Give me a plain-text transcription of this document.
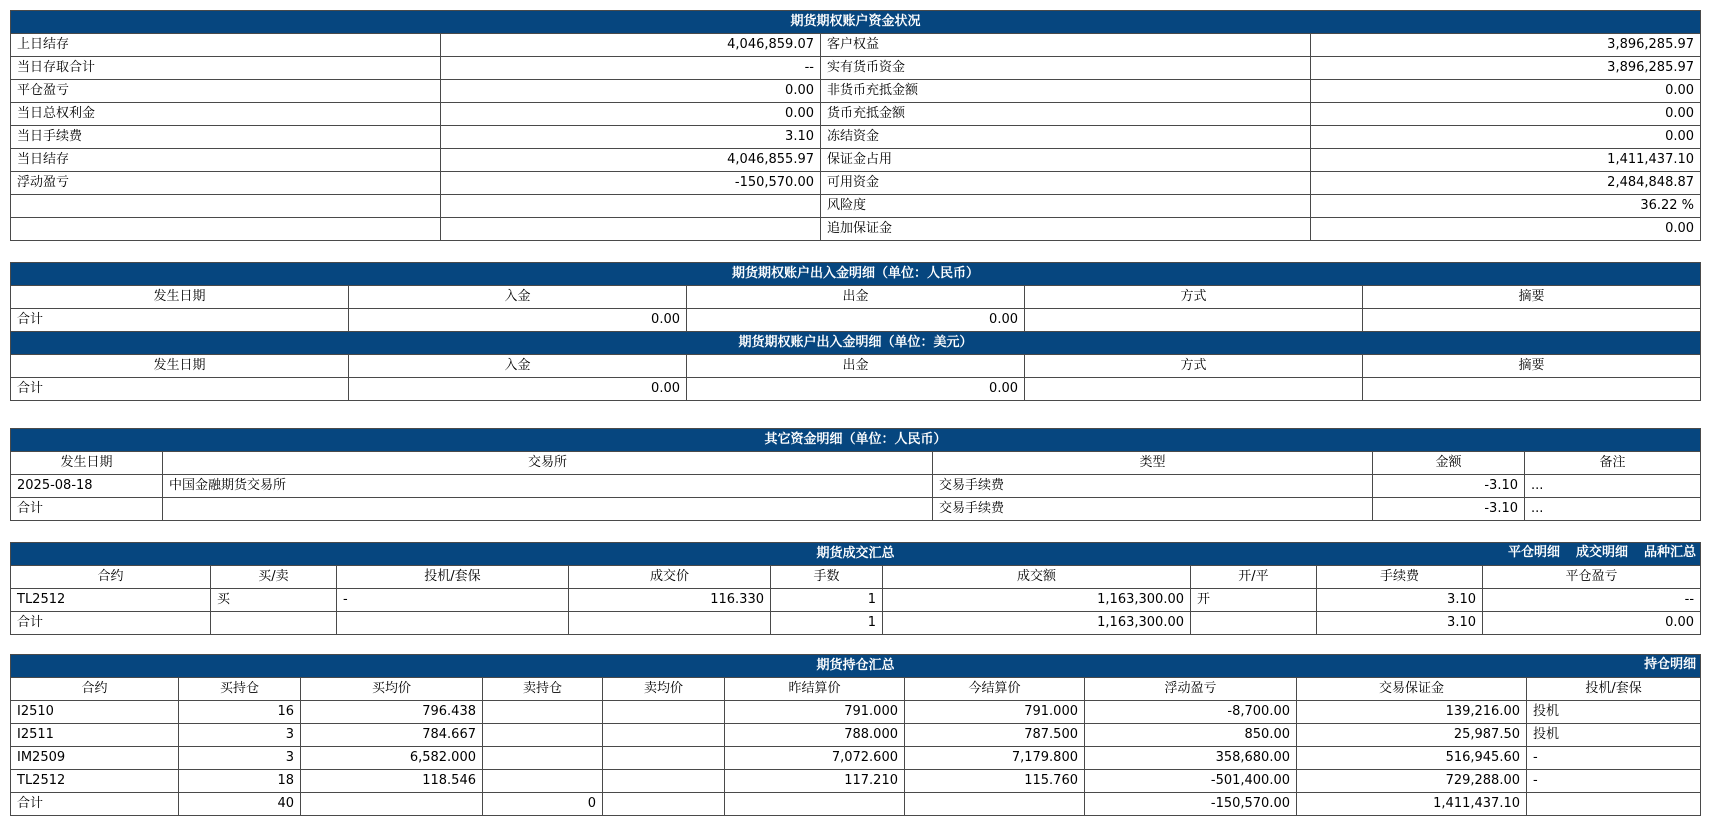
期货期权账户资金状况			
上日结存	4,046,859.07	客户权益	3,896,285.97
当日存取合计	--	实有货币资金	3,896,285.97
平仓盈亏	0.00	非货币充抵金额	0.00
当日总权利金	0.00	货币充抵金额	0.00
当日手续费	3.10	冻结资金	0.00
当日结存	4,046,855.97	保证金占用	1,411,437.10
浮动盈亏	-150,570.00	可用资金	2,484,848.87
		风险度	36.22 %
		追加保证金	0.00
期货期权账户出入金明细（单位：人民币）				
发生日期	入金	出金	方式	摘要
合计	0.00	0.00		
期货期权账户出入金明细（单位：美元）				
发生日期	入金	出金	方式	摘要
合计	0.00	0.00		
其它资金明细（单位：人民币）				
发生日期	交易所	类型	金额	备注
2025-08-18	中国金融期货交易所	交易手续费	-3.10	...
合计		交易手续费	-3.10	...
期货成交汇总 平仓明细 成交明细 品种汇总								

合约	买/卖	投机/套保	成交价	手数	成交额	开/平	手续费	平仓盈亏
TL2512	买	-	116.330	1	1,163,300.00	开	3.10	--
合计				1	1,163,300.00		3.10	0.00
期货持仓汇总 持仓明细									

合约	买持仓	买均价	卖持仓	卖均价	昨结算价	今结算价	浮动盈亏	交易保证金	投机/套保
I2510	16	796.438			791.000	791.000	-8,700.00	139,216.00	投机
I2511	3	784.667			788.000	787.500	850.00	25,987.50	投机
IM2509	3	6,582.000			7,072.600	7,179.800	358,680.00	516,945.60	-
TL2512	18	118.546			117.210	115.760	-501,400.00	729,288.00	-
合计	40		0				-150,570.00	1,411,437.10	
